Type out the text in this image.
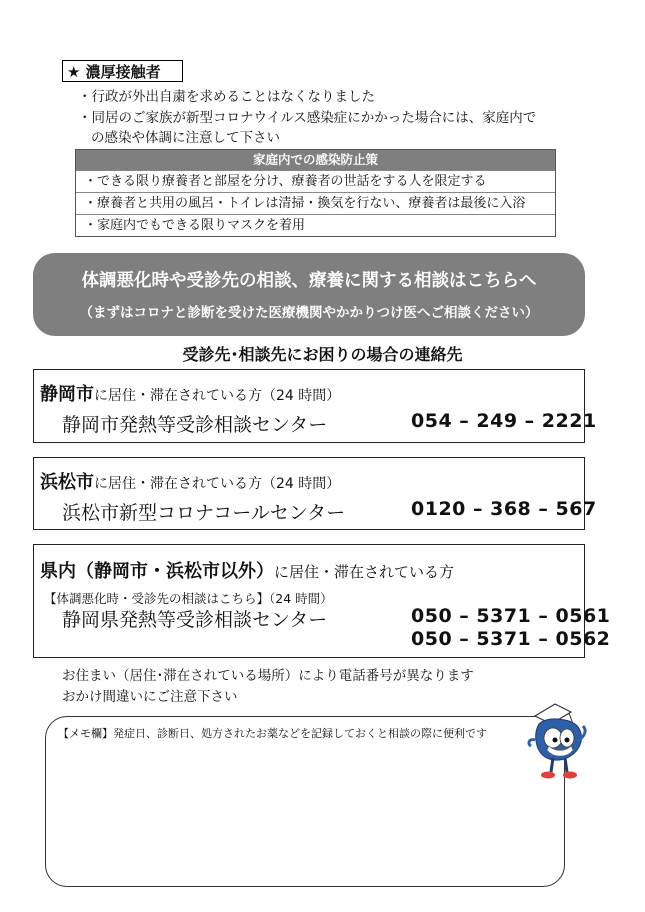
★ 濃厚接触者
・行政が外出自粛を求めることはなくなりました
・同居のご家族が新型コロナウイルス感染症にかかった場合には、家庭内で
の感染や体調に注意して下さい
家庭内での感染防止策
・できる限り療養者と部屋を分け、療養者の世話をする人を限定する
・療養者と共用の風呂・トイレは清掃・換気を行ない、療養者は最後に入浴
・家庭内でもできる限りマスクを着用
体調悪化時や受診先の相談、療養に関する相談はこちらへ
（まずはコロナと診断を受けた医療機関やかかりつけ医へご相談ください）
受診先･相談先にお困りの場合の連絡先
静岡市に居住・滞在されている方（24 時間）
静岡市発熱等受診相談センター	054 – 249 – 2221
浜松市に居住・滞在されている方（24 時間）
浜松市新型コロナコールセンター	0120 – 368 – 567
県内（静岡市・浜松市以外）に居住・滞在されている方
【体調悪化時・受診先の相談はこちら】（24 時間）
静岡県発熱等受診相談センター	050 – 5371 – 0561
050 – 5371 – 0562
お住まい（居住･滞在されている場所）により電話番号が異なります
おかけ間違いにご注意下さい
【メモ欄】発症日、診断日、処方されたお薬などを記録しておくと相談の際に便利です
